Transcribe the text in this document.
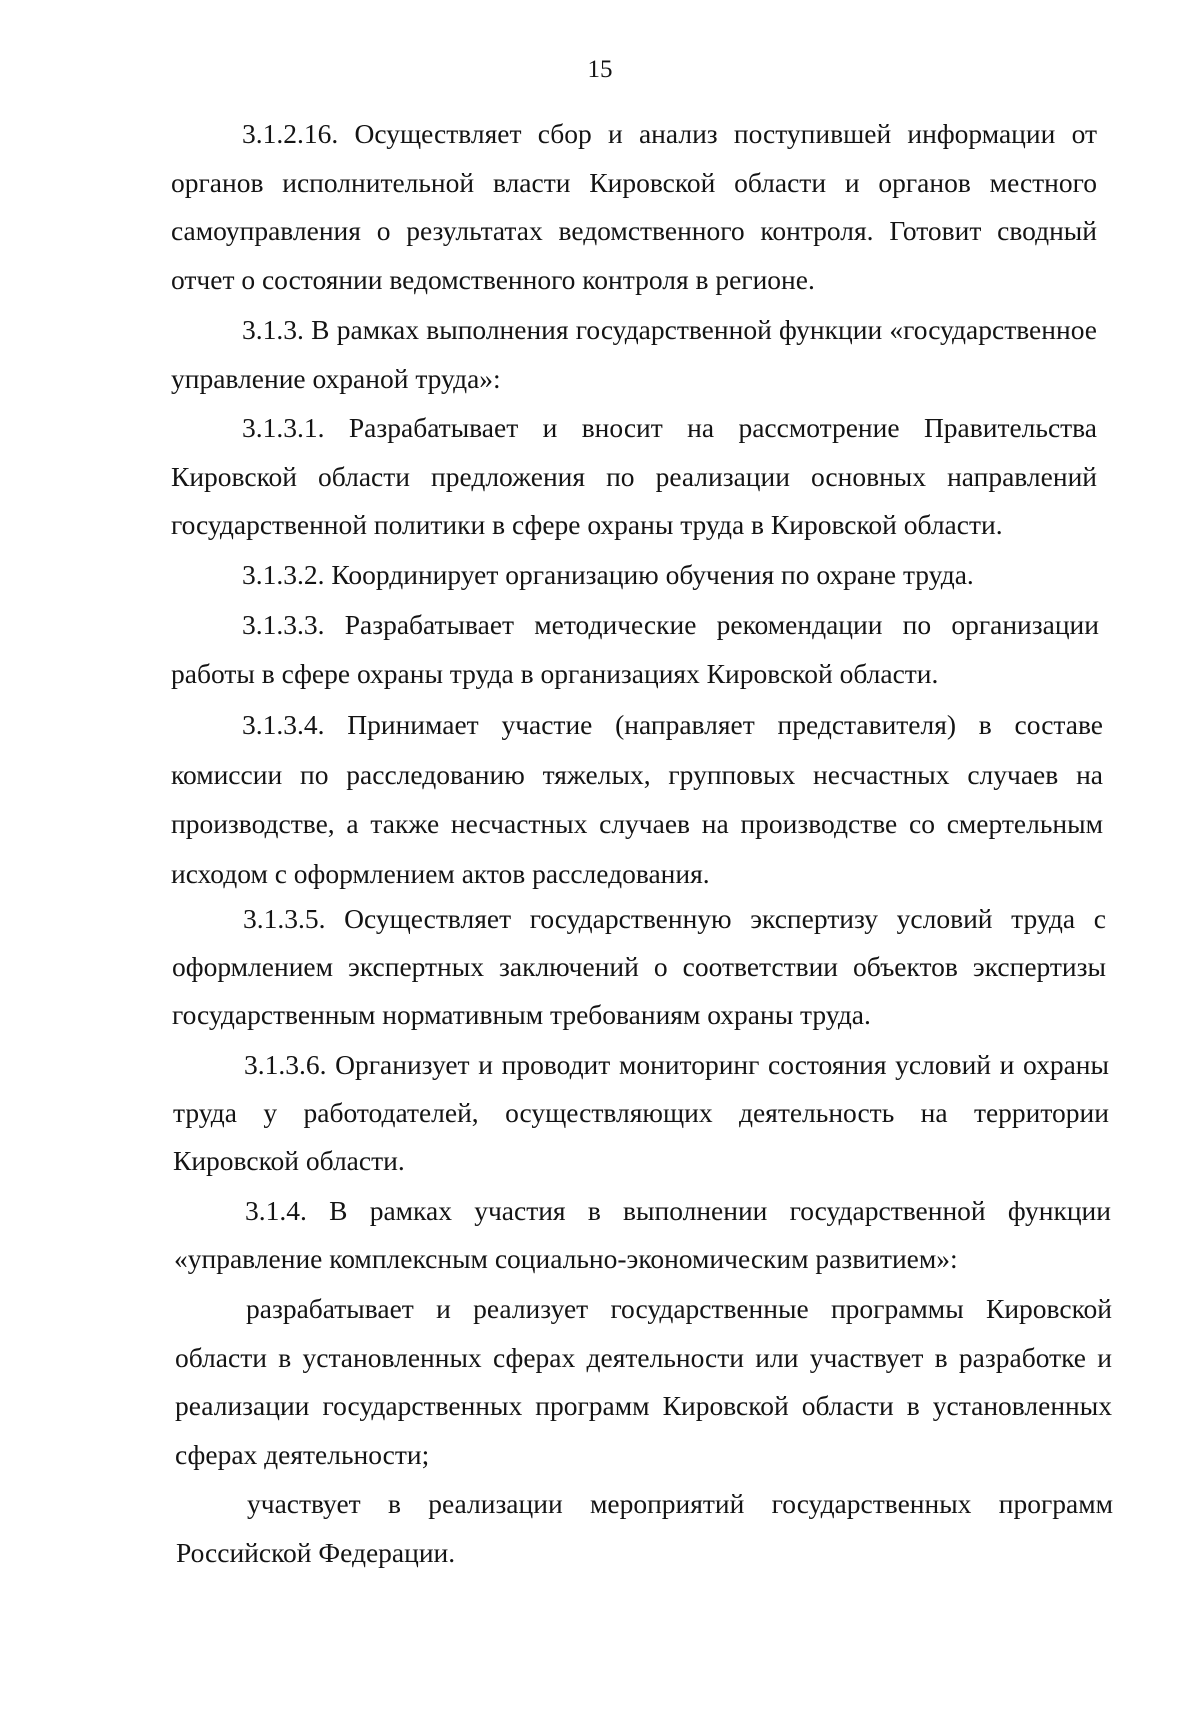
15

3.1.2.16. Осуществляет сбор и анализ поступившей информации от органов исполнительной власти Кировской области и органов местного самоуправления о результатах ведомственного контроля. Готовит сводный отчет о состоянии ведомственного контроля в регионе.

3.1.3. В рамках выполнения государственной функции «государственное управление охраной труда»:

3.1.3.1. Разрабатывает и вносит на рассмотрение Правительства Кировской области предложения по реализации основных направлений государственной политики в сфере охраны труда в Кировской области.

3.1.3.2. Координирует организацию обучения по охране труда.

3.1.3.3. Разрабатывает методические рекомендации по организации работы в сфере охраны труда в организациях Кировской области.

3.1.3.4. Принимает участие (направляет представителя) в составе комиссии по расследованию тяжелых, групповых несчастных случаев на производстве, а также несчастных случаев на производстве со смертельным исходом с оформлением актов расследования.

3.1.3.5. Осуществляет государственную экспертизу условий труда с оформлением экспертных заключений о соответствии объектов экспертизы государственным нормативным требованиям охраны труда.

3.1.3.6. Организует и проводит мониторинг состояния условий и охраны труда у работодателей, осуществляющих деятельность на территории Кировской области.

3.1.4. В рамках участия в выполнении государственной функции «управление комплексным социально-экономическим развитием»:

разрабатывает и реализует государственные программы Кировской области в установленных сферах деятельности или участвует в разработке и реализации государственных программ Кировской области в установленных сферах деятельности;

участвует в реализации мероприятий государственных программ Российской Федерации.
